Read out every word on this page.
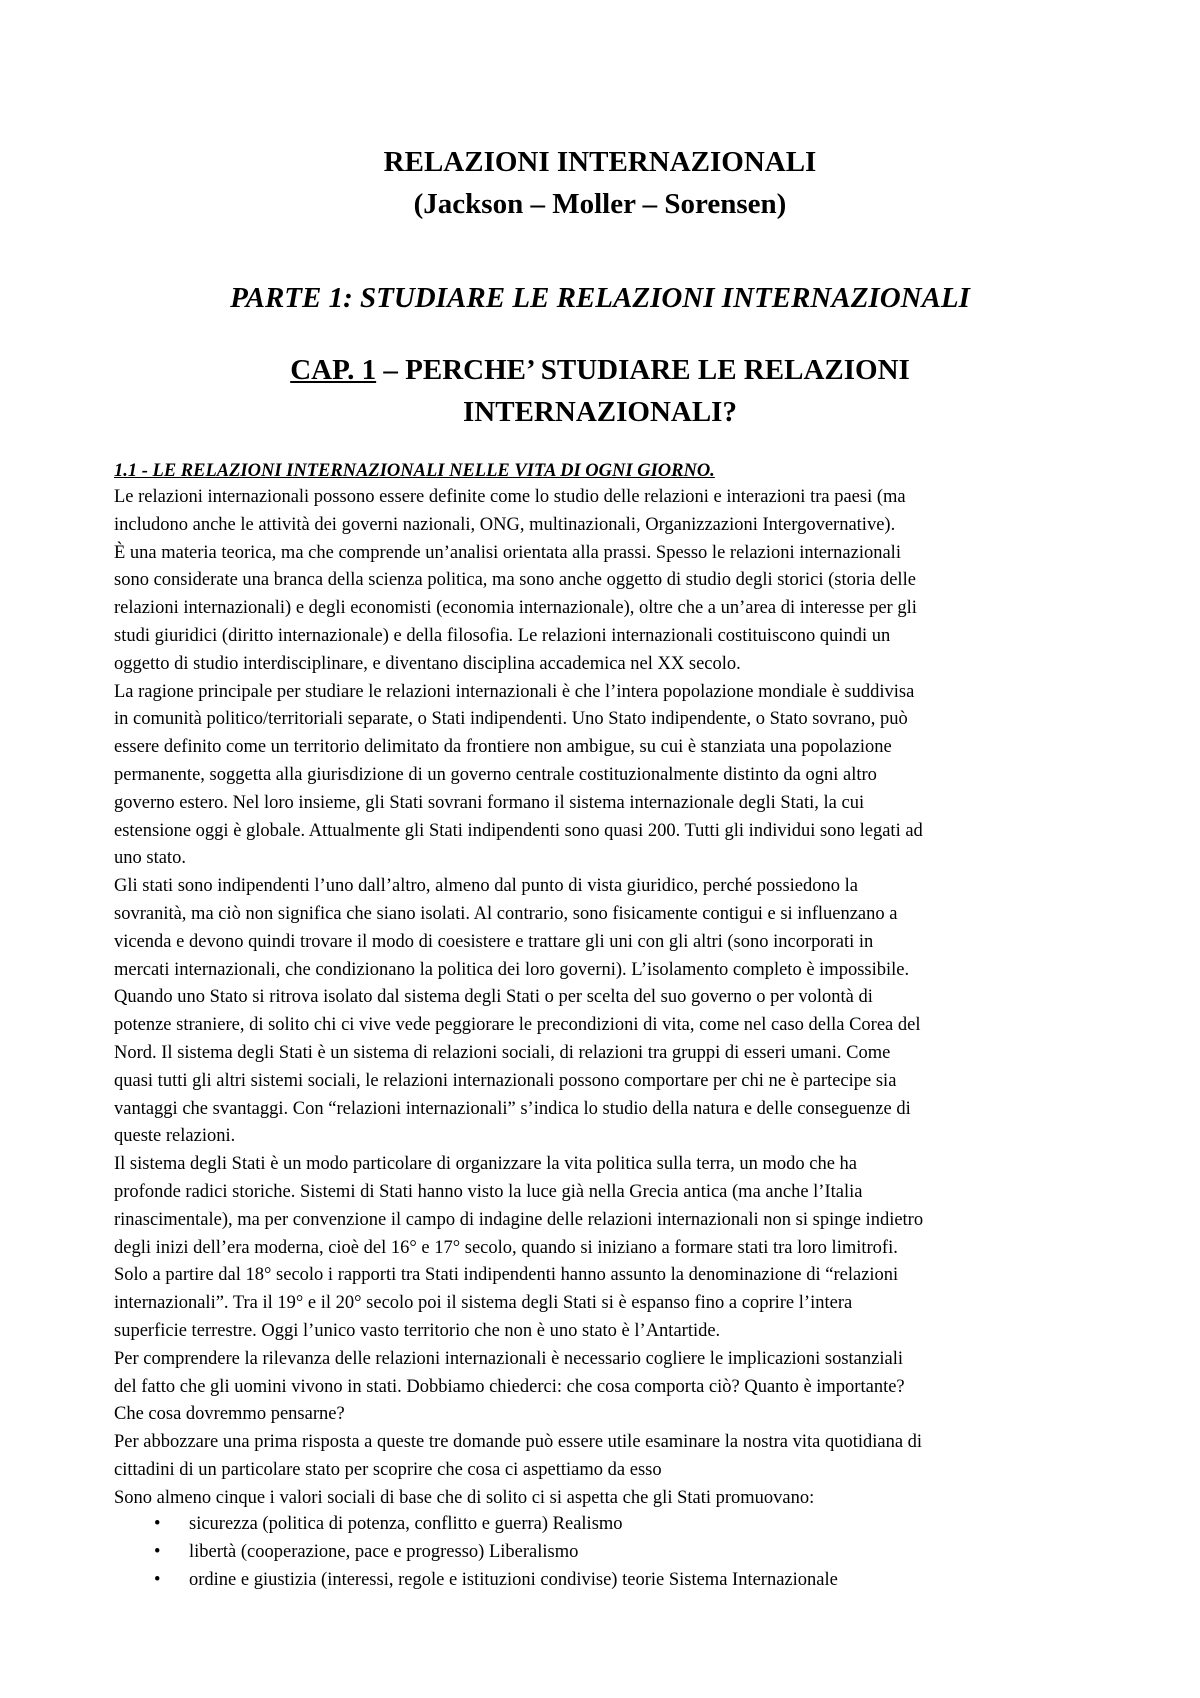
RELAZIONI INTERNAZIONALI
(Jackson – Moller – Sorensen)
PARTE 1: STUDIARE LE RELAZIONI INTERNAZIONALI
CAP. 1 – PERCHE’ STUDIARE LE RELAZIONI
INTERNAZIONALI?
1.1 - LE RELAZIONI INTERNAZIONALI NELLE VITA DI OGNI GIORNO.
Le relazioni internazionali possono essere definite come lo studio delle relazioni e interazioni tra paesi (ma
includono anche le attività dei governi nazionali, ONG, multinazionali, Organizzazioni Intergovernative).
È una materia teorica, ma che comprende un’analisi orientata alla prassi. Spesso le relazioni internazionali
sono considerate una branca della scienza politica, ma sono anche oggetto di studio degli storici (storia delle
relazioni internazionali) e degli economisti (economia internazionale), oltre che a un’area di interesse per gli
studi giuridici (diritto internazionale) e della filosofia. Le relazioni internazionali costituiscono quindi un
oggetto di studio interdisciplinare, e diventano disciplina accademica nel XX secolo.
La ragione principale per studiare le relazioni internazionali è che l’intera popolazione mondiale è suddivisa
in comunità politico/territoriali separate, o Stati indipendenti. Uno Stato indipendente, o Stato sovrano, può
essere definito come un territorio delimitato da frontiere non ambigue, su cui è stanziata una popolazione
permanente, soggetta alla giurisdizione di un governo centrale costituzionalmente distinto da ogni altro
governo estero. Nel loro insieme, gli Stati sovrani formano il sistema internazionale degli Stati, la cui
estensione oggi è globale. Attualmente gli Stati indipendenti sono quasi 200. Tutti gli individui sono legati ad
uno stato.
Gli stati sono indipendenti l’uno dall’altro, almeno dal punto di vista giuridico, perché possiedono la
sovranità, ma ciò non significa che siano isolati. Al contrario, sono fisicamente contigui e si influenzano a
vicenda e devono quindi trovare il modo di coesistere e trattare gli uni con gli altri (sono incorporati in
mercati internazionali, che condizionano la politica dei loro governi). L’isolamento completo è impossibile.
Quando uno Stato si ritrova isolato dal sistema degli Stati o per scelta del suo governo o per volontà di
potenze straniere, di solito chi ci vive vede peggiorare le precondizioni di vita, come nel caso della Corea del
Nord. Il sistema degli Stati è un sistema di relazioni sociali, di relazioni tra gruppi di esseri umani. Come
quasi tutti gli altri sistemi sociali, le relazioni internazionali possono comportare per chi ne è partecipe sia
vantaggi che svantaggi. Con “relazioni internazionali” s’indica lo studio della natura e delle conseguenze di
queste relazioni.
Il sistema degli Stati è un modo particolare di organizzare la vita politica sulla terra, un modo che ha
profonde radici storiche. Sistemi di Stati hanno visto la luce già nella Grecia antica (ma anche l’Italia
rinascimentale), ma per convenzione il campo di indagine delle relazioni internazionali non si spinge indietro
degli inizi dell’era moderna, cioè del 16° e 17° secolo, quando si iniziano a formare stati tra loro limitrofi.
Solo a partire dal 18° secolo i rapporti tra Stati indipendenti hanno assunto la denominazione di “relazioni
internazionali”. Tra il 19° e il 20° secolo poi il sistema degli Stati si è espanso fino a coprire l’intera
superficie terrestre. Oggi l’unico vasto territorio che non è uno stato è l’Antartide.
Per comprendere la rilevanza delle relazioni internazionali è necessario cogliere le implicazioni sostanziali
del fatto che gli uomini vivono in stati. Dobbiamo chiederci: che cosa comporta ciò? Quanto è importante?
Che cosa dovremmo pensarne?
Per abbozzare una prima risposta a queste tre domande può essere utile esaminare la nostra vita quotidiana di
cittadini di un particolare stato per scoprire che cosa ci aspettiamo da esso
Sono almeno cinque i valori sociali di base che di solito ci si aspetta che gli Stati promuovano:
• sicurezza (politica di potenza, conflitto e guerra) Realismo
• libertà (cooperazione, pace e progresso) Liberalismo
• ordine e giustizia (interessi, regole e istituzioni condivise) teorie Sistema Internazionale
